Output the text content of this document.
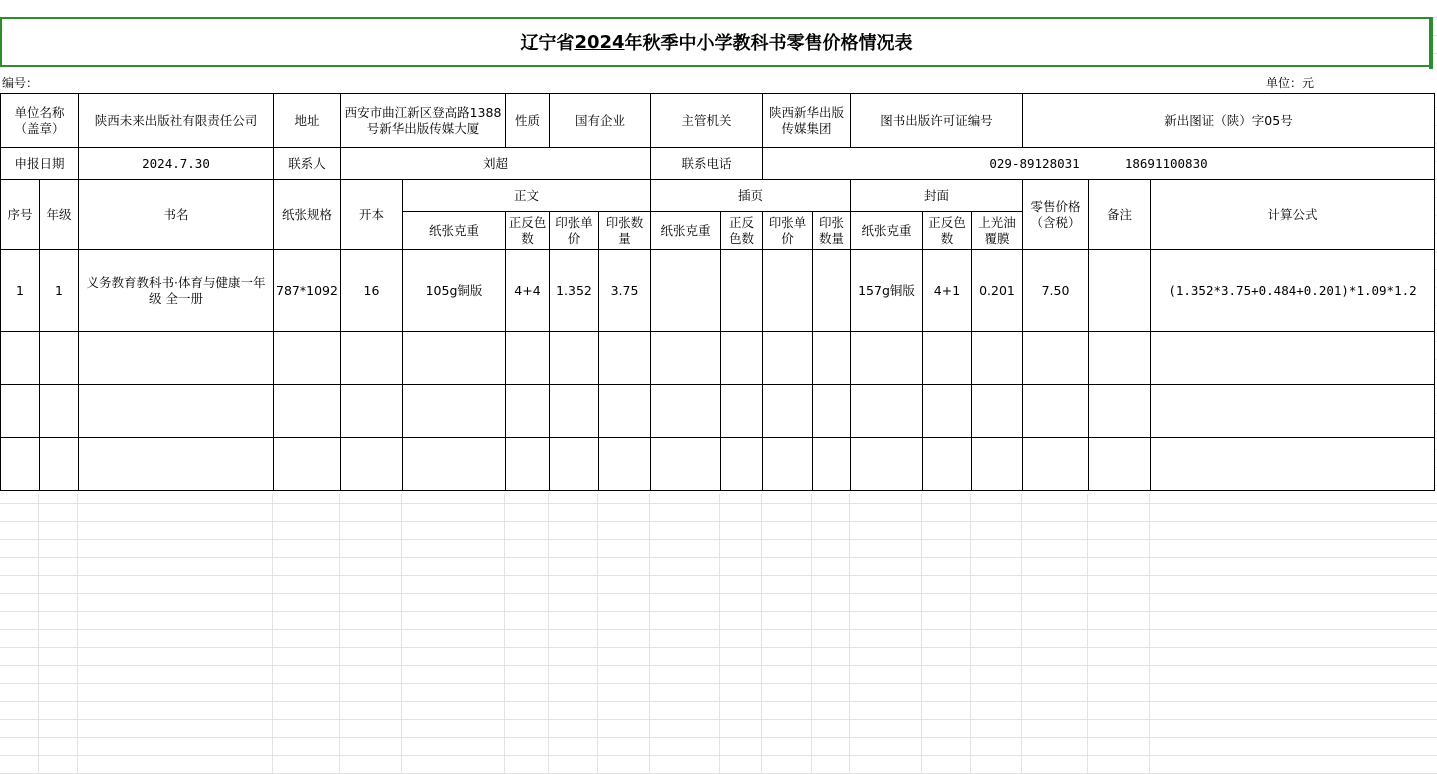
辽宁省 2024 年秋季中小学教科书零售价格情况表
编号：	单位：元
单位名称（盖章）		陕西未来出版社有限责任公司	地址	西安市曲江新区登高路1388号新华出版传媒大厦		性质	国有企业		主管机关		陕西新华出版传媒集团		图书出版许可证编号			新出图证（陕）字05号		
申报日期		2024.7.30	联系人	刘超					联系电话		029-89128031      18691100830							
序号	年级	书名	纸张规格	开本	正文				插页				封面			零售价格（含税）	备注	计算公式
					纸张克重	正反色数	印张单价	印张数量	纸张克重	正反色数	印张单价	印张数量	纸张克重	正反色数	上光油覆膜			
1	1	义务教育教科书·体育与健康一年级 全一册	787*1092	16	105g铜版	4+4	1.352	3.75					157g铜版	4+1	0.201	7.50		(1.352*3.75+0.484+0.201)*1.09*1.2
